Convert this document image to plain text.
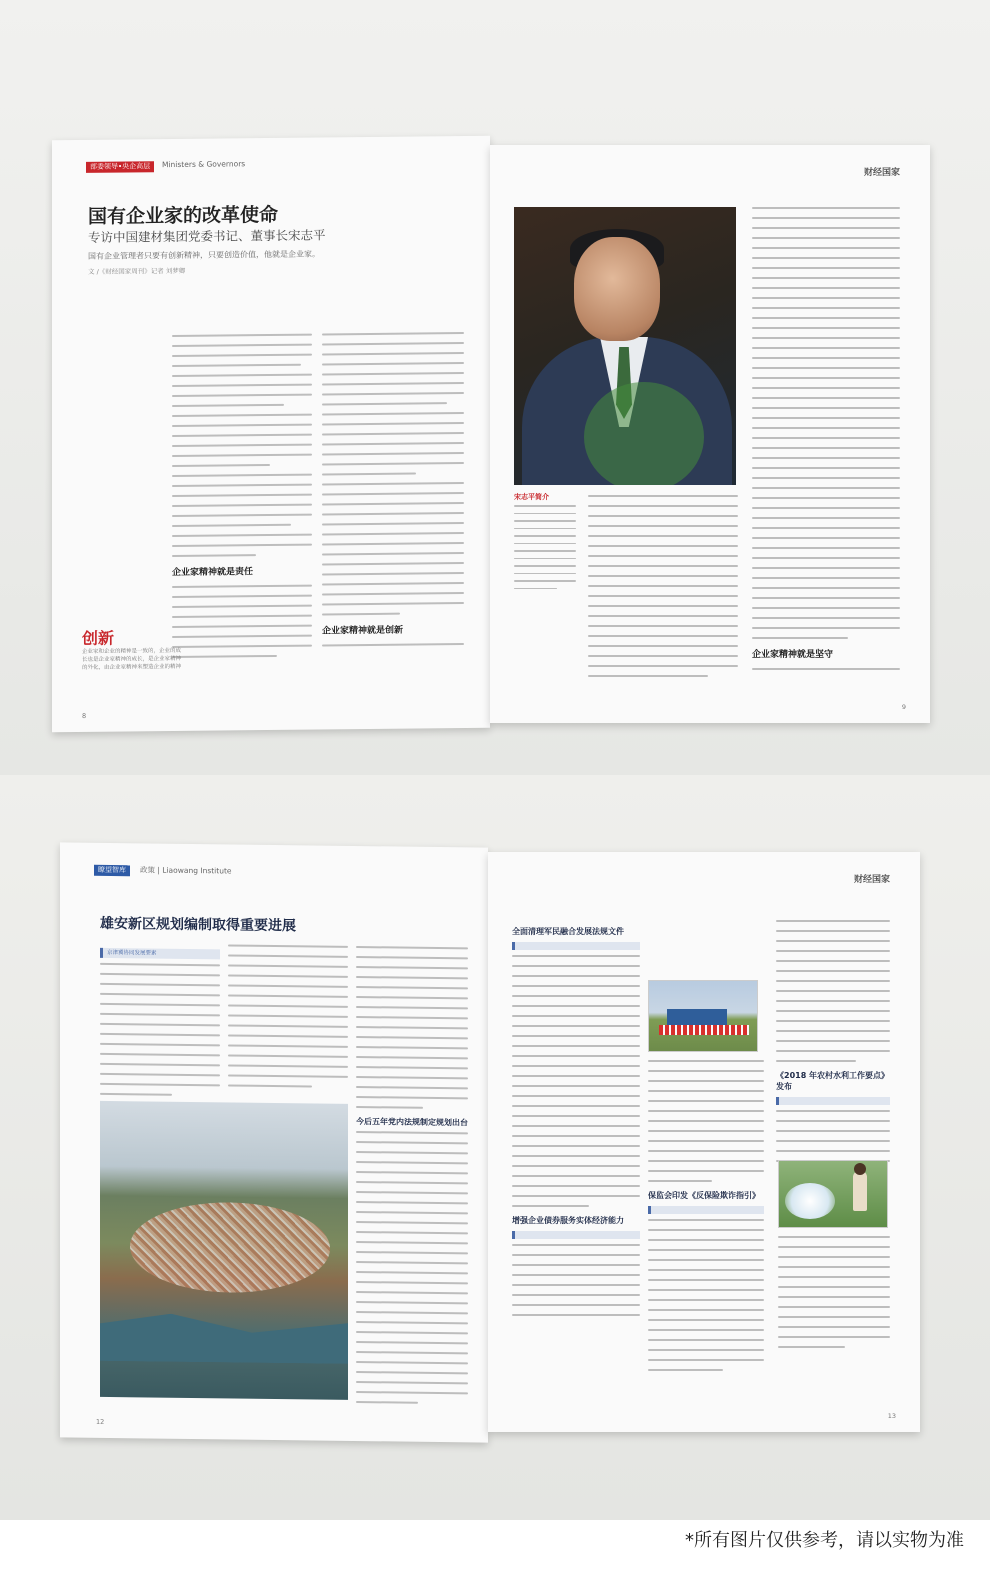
部委领导•央企高层	Ministers & Governors
国有企业家的改革使命
专访中国建材集团党委书记、董事长宋志平
国有企业管理者只要有创新精神，只要创造价值，他就是企业家。
文 /《财经国家周刊》记者 刘梦卿
企业家精神就是责任
企业家精神就是创新
创新
企业家和企业的精神是一致的，企业的成长也是企业家精神的成长，是企业家精神的外化，由企业家精神来塑造企业的精神
8
财经国家
宋志平简介
企业家精神就是坚守
9
瞭望智库	政策 | Liaowang Institute
雄安新区规划编制取得重要进展
京津冀协同发展要素
今后五年党内法规制定规划出台
12
财经国家
全面清理军民融合发展法规文件
增强企业债券服务实体经济能力
保监会印发《反保险欺诈指引》
《2018 年农村水利工作要点》发布
13
*所有图片仅供参考，请以实物为准
